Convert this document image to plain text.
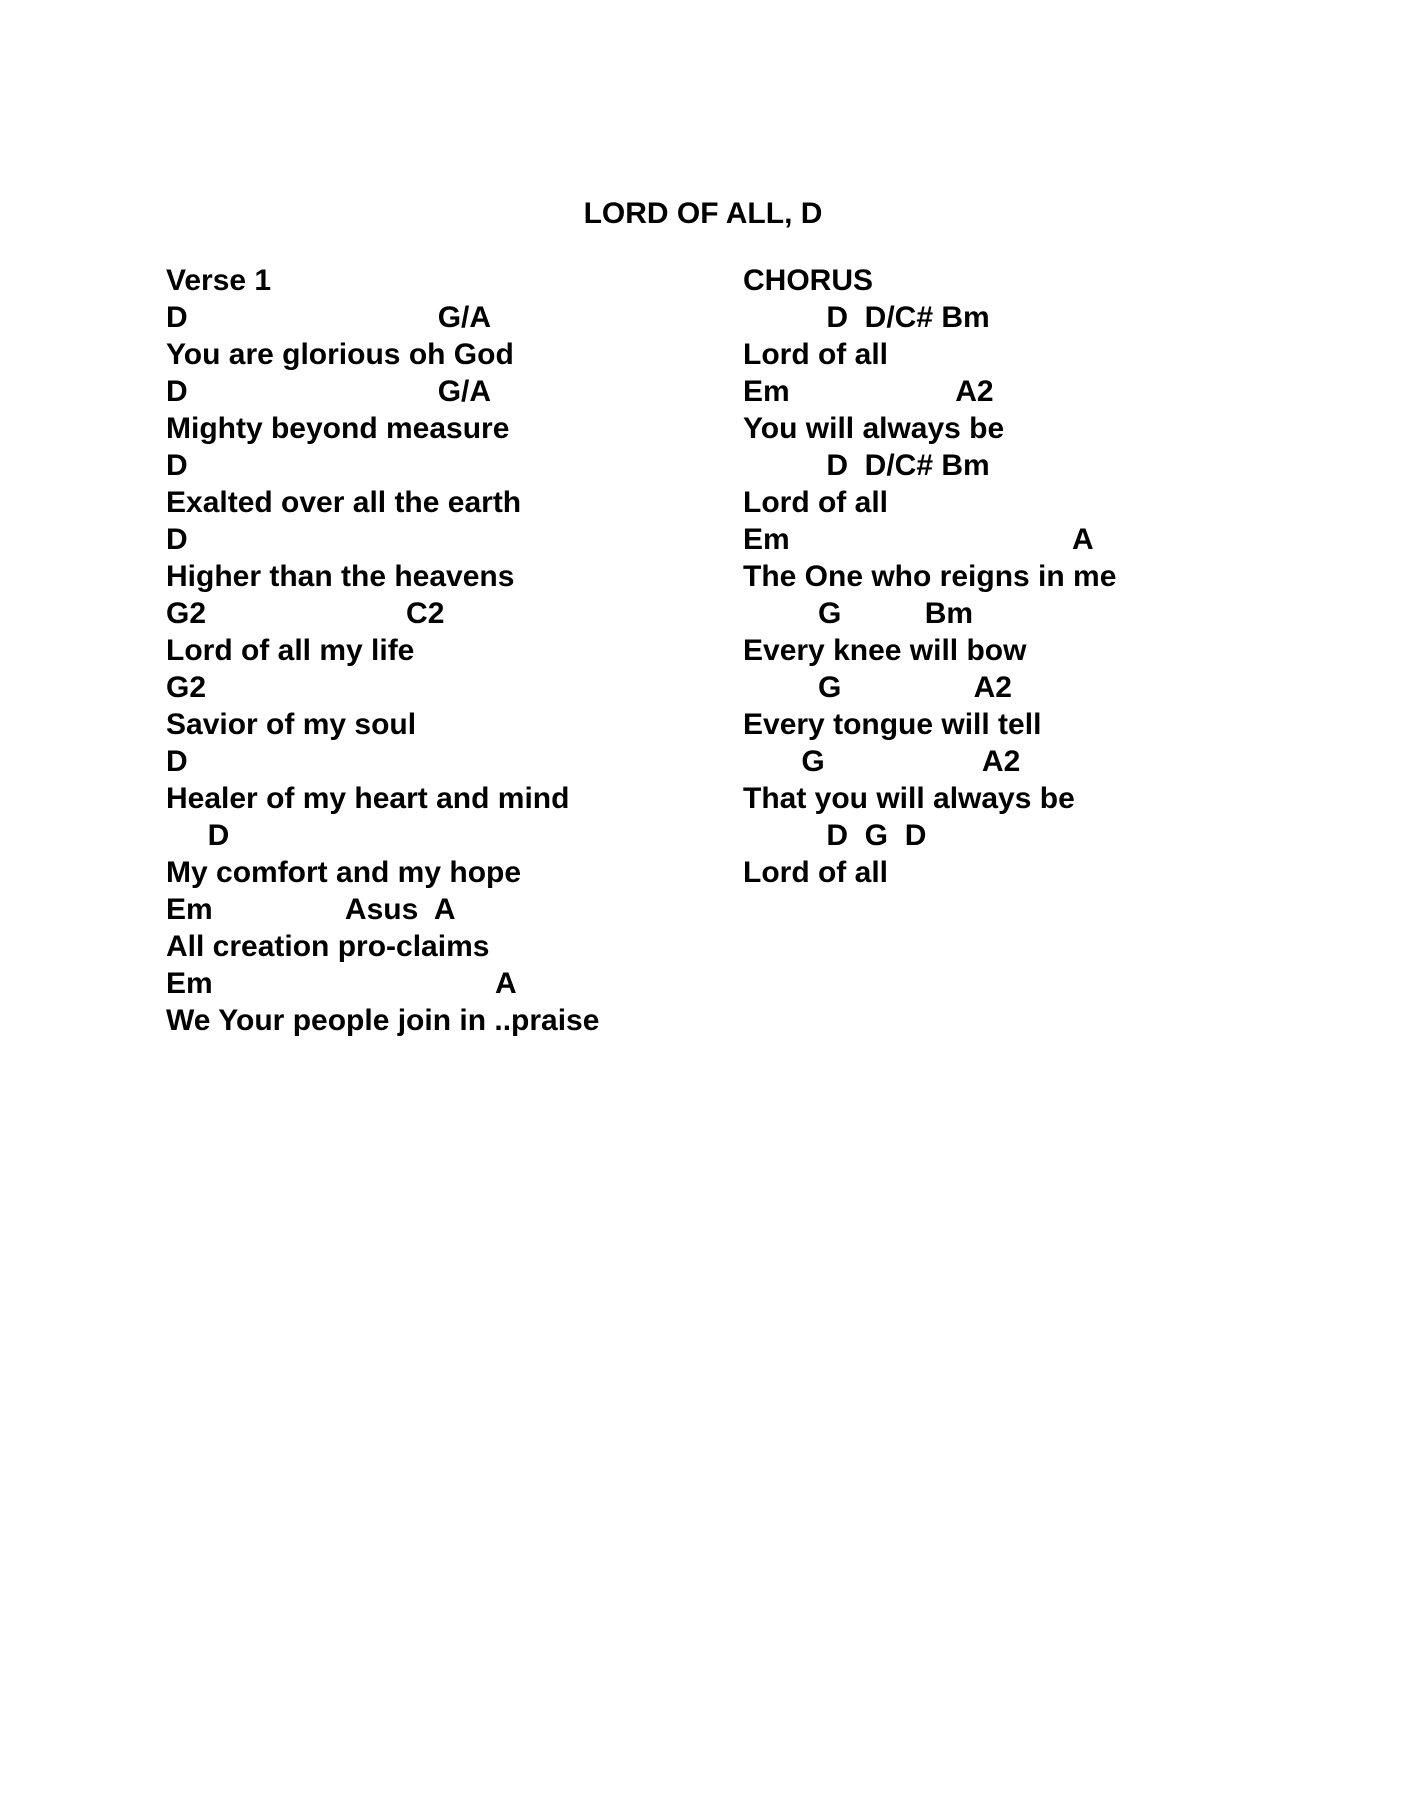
LORD OF ALL, D
Verse 1
D                              G/A
You are glorious oh God
D                              G/A
Mighty beyond measure
D
Exalted over all the earth
D
Higher than the heavens
G2                        C2
Lord of all my life
G2
Savior of my soul
D
Healer of my heart and mind
D
My comfort and my hope
Em                Asus  A
All creation pro-claims
Em                                  A
We Your people join in ..praise
CHORUS
D  D/C# Bm
Lord of all
Em                    A2
You will always be
D  D/C# Bm
Lord of all
Em                                  A
The One who reigns in me
G          Bm
Every knee will bow
G                A2
Every tongue will tell
G                   A2
That you will always be
D  G  D
Lord of all
